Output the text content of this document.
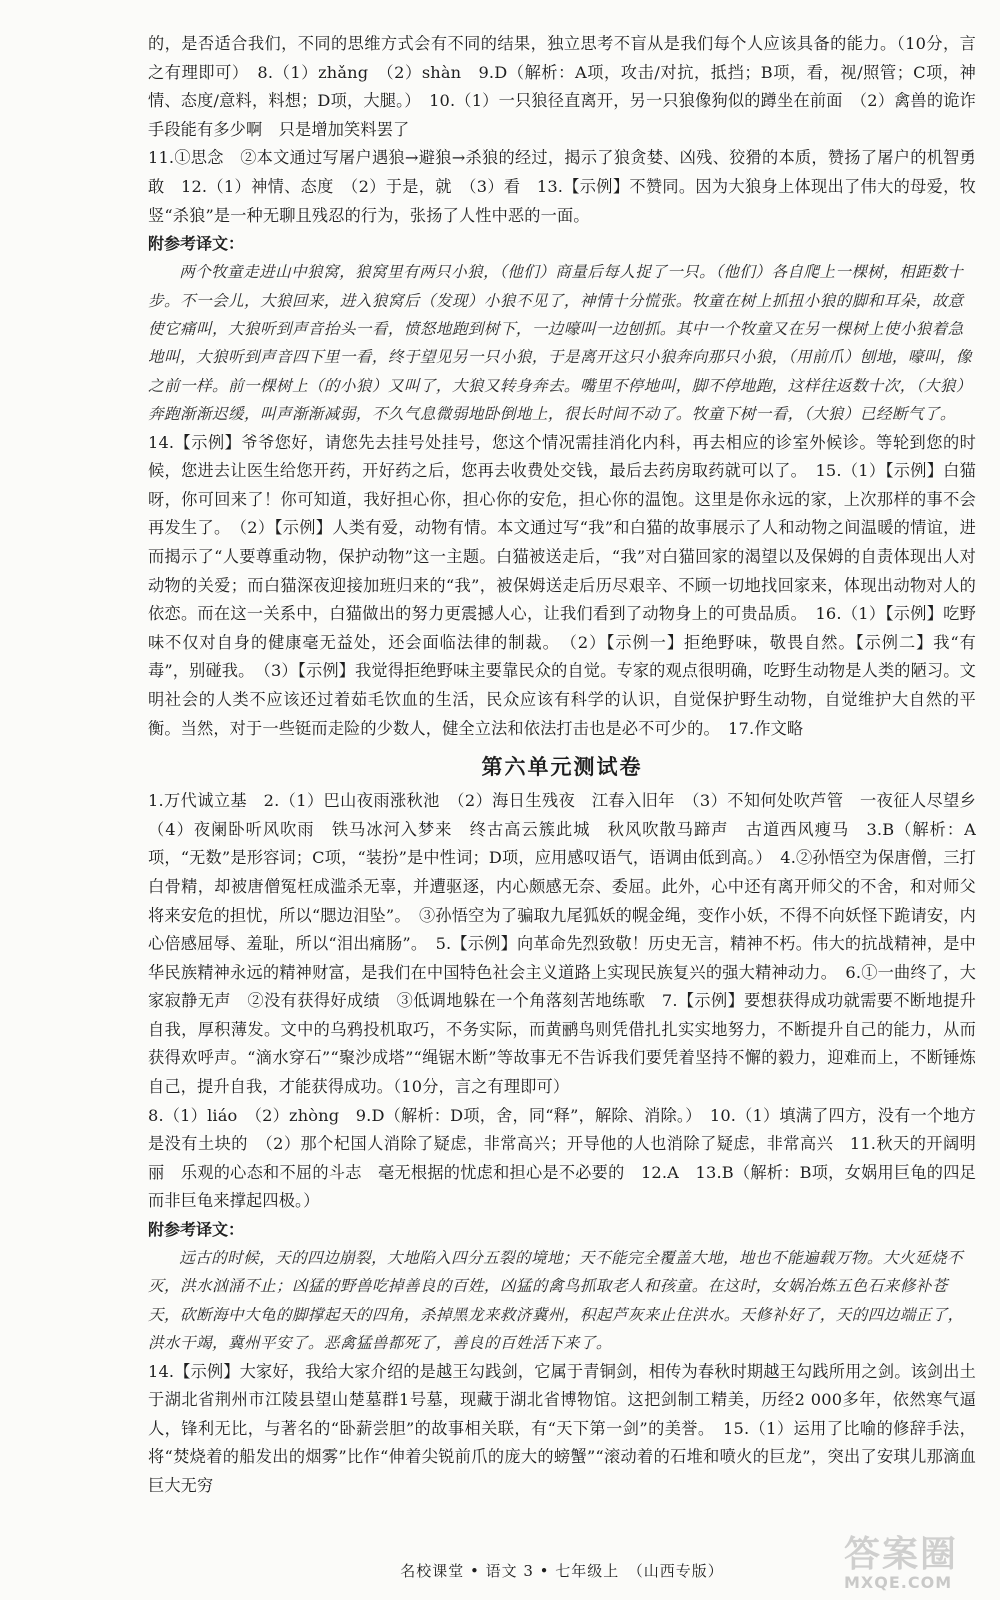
的，是否适合我们，不同的思维方式会有不同的结果，独立思考不盲从是我们每个人应该具备的能力。（10分，言之有理即可）　8.（1）zhǎng　（2）shàn　9.D（解析：A项，攻击/对抗，抵挡；B项，看，视/照管；C项，神情、态度/意料，料想；D项，大腿。）　10.（1）一只狼径直离开，另一只狼像狗似的蹲坐在前面　（2）禽兽的诡诈手段能有多少啊　只是增加笑料罢了

11.①思念　②本文通过写屠户遇狼→避狼→杀狼的经过，揭示了狼贪婪、凶残、狡猾的本质，赞扬了屠户的机智勇敢　12.（1）神情、态度　（2）于是，就　（3）看　13.【示例】不赞同。因为大狼身上体现出了伟大的母爱，牧竖“杀狼”是一种无聊且残忍的行为，张扬了人性中恶的一面。

附参考译文：

两个牧童走进山中狼窝，狼窝里有两只小狼，（他们）商量后每人捉了一只。（他们）各自爬上一棵树，相距数十步。不一会儿，大狼回来，进入狼窝后（发现）小狼不见了，神情十分慌张。牧童在树上抓扭小狼的脚和耳朵，故意使它痛叫，大狼听到声音抬头一看，愤怒地跑到树下，一边嚎叫一边刨抓。其中一个牧童又在另一棵树上使小狼着急地叫，大狼听到声音四下里一看，终于望见另一只小狼，于是离开这只小狼奔向那只小狼，（用前爪）刨地，嚎叫，像之前一样。前一棵树上（的小狼）又叫了，大狼又转身奔去。嘴里不停地叫，脚不停地跑，这样往返数十次，（大狼）奔跑渐渐迟缓，叫声渐渐减弱，不久气息微弱地卧倒地上，很长时间不动了。牧童下树一看，（大狼）已经断气了。

14.【示例】爷爷您好，请您先去挂号处挂号，您这个情况需挂消化内科，再去相应的诊室外候诊。等轮到您的时候，您进去让医生给您开药，开好药之后，您再去收费处交钱，最后去药房取药就可以了。　15.（1）【示例】白猫呀，你可回来了！你可知道，我好担心你，担心你的安危，担心你的温饱。这里是你永远的家，上次那样的事不会再发生了。　（2）【示例】人类有爱，动物有情。本文通过写“我”和白猫的故事展示了人和动物之间温暖的情谊，进而揭示了“人要尊重动物，保护动物”这一主题。白猫被送走后，“我”对白猫回家的渴望以及保姆的自责体现出人对动物的关爱；而白猫深夜迎接加班归来的“我”，被保姆送走后历尽艰辛、不顾一切地找回家来，体现出动物对人的依恋。而在这一关系中，白猫做出的努力更震撼人心，让我们看到了动物身上的可贵品质。　16.（1）【示例】吃野味不仅对自身的健康毫无益处，还会面临法律的制裁。　（2）【示例一】拒绝野味，敬畏自然。【示例二】我“有毒”，别碰我。　（3）【示例】我觉得拒绝野味主要靠民众的自觉。专家的观点很明确，吃野生动物是人类的陋习。文明社会的人类不应该还过着茹毛饮血的生活，民众应该有科学的认识，自觉保护野生动物，自觉维护大自然的平衡。当然，对于一些铤而走险的少数人，健全立法和依法打击也是必不可少的。　17.作文略

第六单元测试卷

1.万代诚立基　2.（1）巴山夜雨涨秋池　（2）海日生残夜　江春入旧年　（3）不知何处吹芦管　一夜征人尽望乡　（4）夜阑卧听风吹雨　铁马冰河入梦来　终古高云簇此城　秋风吹散马蹄声　古道西风瘦马　3.B（解析：A项，“无数”是形容词；C项，“装扮”是中性词；D项，应用感叹语气，语调由低到高。）　4.②孙悟空为保唐僧，三打白骨精，却被唐僧冤枉成滥杀无辜，并遭驱逐，内心颇感无奈、委屈。此外，心中还有离开师父的不舍，和对师父将来安危的担忧，所以“腮边泪坠”。　③孙悟空为了骗取九尾狐妖的幌金绳，变作小妖，不得不向妖怪下跪请安，内心倍感屈辱、羞耻，所以“泪出痛肠”。　5.【示例】向革命先烈致敬！历史无言，精神不朽。伟大的抗战精神，是中华民族精神永远的精神财富，是我们在中国特色社会主义道路上实现民族复兴的强大精神动力。　6.①一曲终了，大家寂静无声　②没有获得好成绩　③低调地躲在一个角落刻苦地练歌　7.【示例】要想获得成功就需要不断地提升自我，厚积薄发。文中的乌鸦投机取巧，不务实际，而黄鹂鸟则凭借扎扎实实地努力，不断提升自己的能力，从而获得欢呼声。“滴水穿石”“聚沙成塔”“绳锯木断”等故事无不告诉我们要凭着坚持不懈的毅力，迎难而上，不断锤炼自己，提升自我，才能获得成功。（10分，言之有理即可）

8.（1）liáo　（2）zhòng　9.D（解析：D项，舍，同“释”，解除、消除。）　10.（1）填满了四方，没有一个地方是没有土块的　（2）那个杞国人消除了疑虑，非常高兴；开导他的人也消除了疑虑，非常高兴　11.秋天的开阔明丽　乐观的心态和不屈的斗志　毫无根据的忧虑和担心是不必要的　12.A　13.B（解析：B项，女娲用巨龟的四足而非巨龟来撑起四极。）

附参考译文：

远古的时候，天的四边崩裂，大地陷入四分五裂的境地；天不能完全覆盖大地，地也不能遍载万物。大火延烧不灭，洪水汹涌不止；凶猛的野兽吃掉善良的百姓，凶猛的禽鸟抓取老人和孩童。在这时，女娲冶炼五色石来修补苍天，砍断海中大龟的脚撑起天的四角，杀掉黑龙来救济冀州，积起芦灰来止住洪水。天修补好了，天的四边端正了，洪水干竭，冀州平安了。恶禽猛兽都死了，善良的百姓活下来了。

14.【示例】大家好，我给大家介绍的是越王勾践剑，它属于青铜剑，相传为春秋时期越王勾践所用之剑。该剑出土于湖北省荆州市江陵县望山楚墓群1号墓，现藏于湖北省博物馆。这把剑制工精美，历经2 000多年，依然寒气逼人，锋利无比，与著名的“卧薪尝胆”的故事相关联，有“天下第一剑”的美誉。　15.（1）运用了比喻的修辞手法，将“焚烧着的船发出的烟雾”比作“伸着尖锐前爪的庞大的螃蟹”“滚动着的石堆和喷火的巨龙”，突出了安琪儿那滴血巨大无穷

名校课堂 • 语文 3 • 七年级上　（山西专版）	答案圈
MXQE.COM
